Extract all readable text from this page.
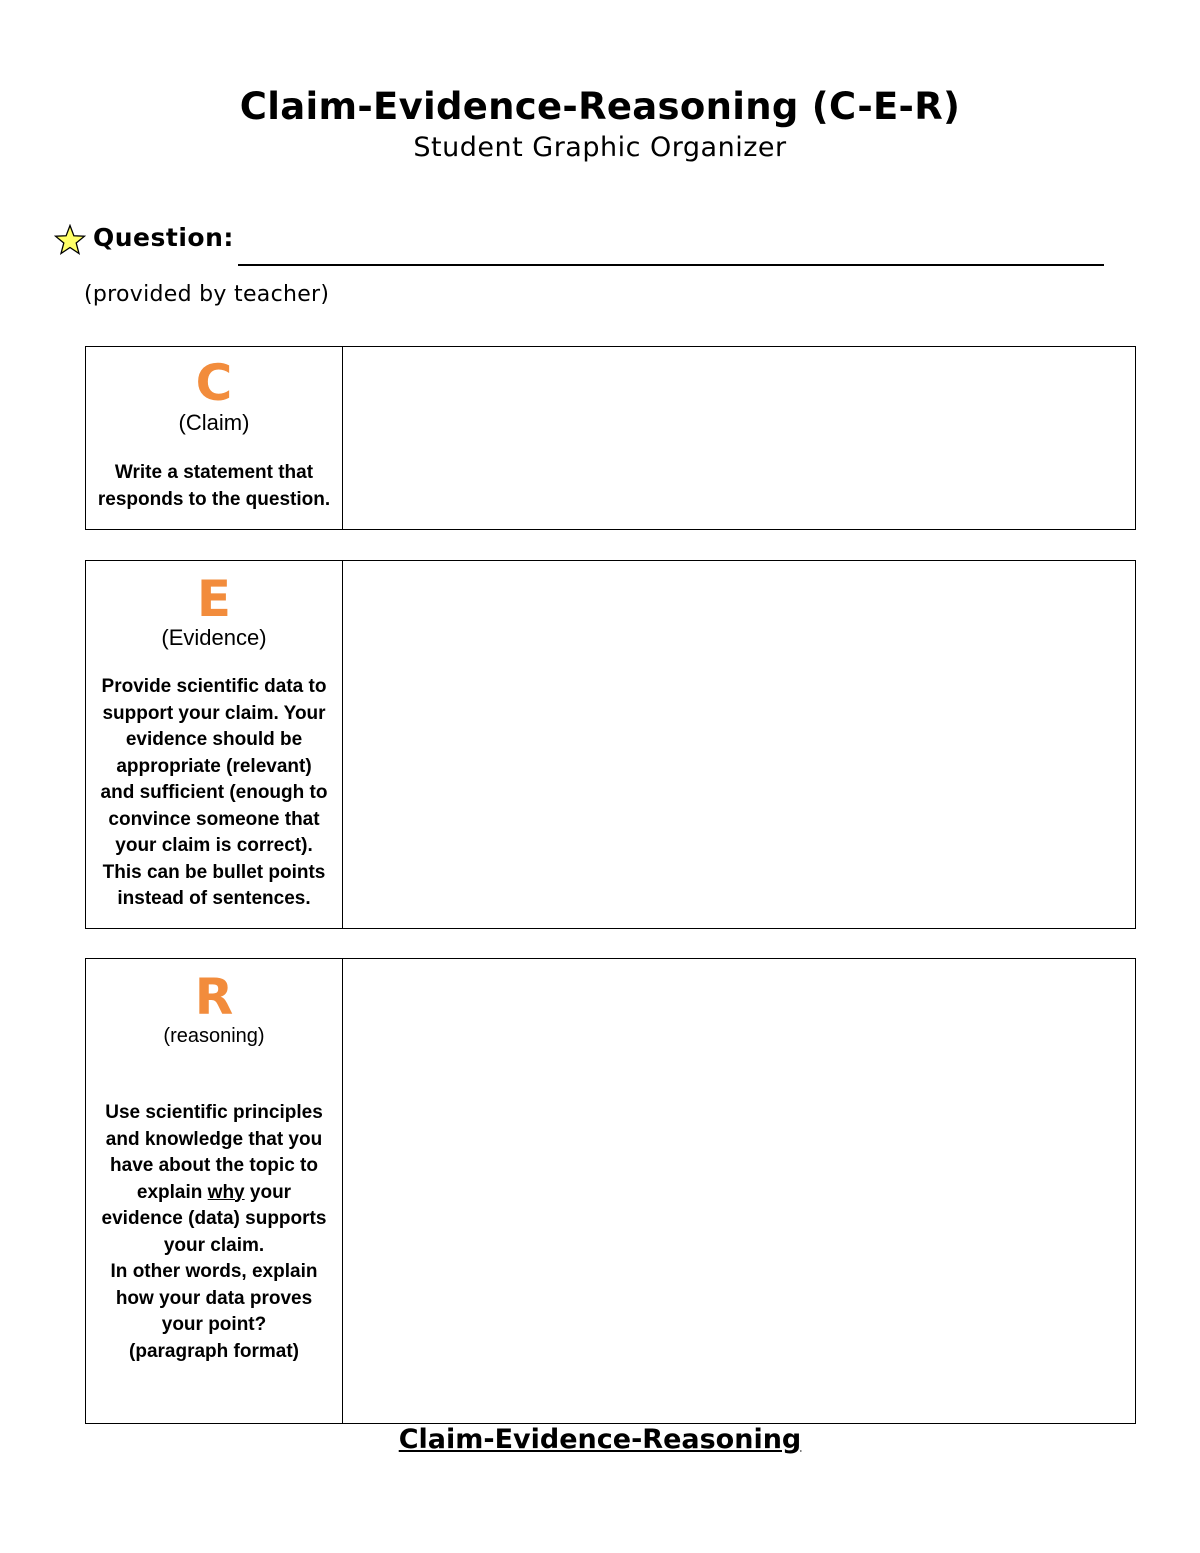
Claim-Evidence-Reasoning (C-E-R)
Student Graphic Organizer
Question:
(provided by teacher)
C
(Claim)
Write a statement that
responds to the question.
E
(Evidence)
Provide scientific data to
support your claim. Your
evidence should be
appropriate (relevant)
and sufficient (enough to
convince someone that
your claim is correct).
This can be bullet points
instead of sentences.
R
(reasoning)
Use scientific principles
and knowledge that you
have about the topic to
explain why your
evidence (data) supports
your claim.
In other words, explain
how your data proves
your point?
(paragraph format)
Claim-Evidence-Reasoning
